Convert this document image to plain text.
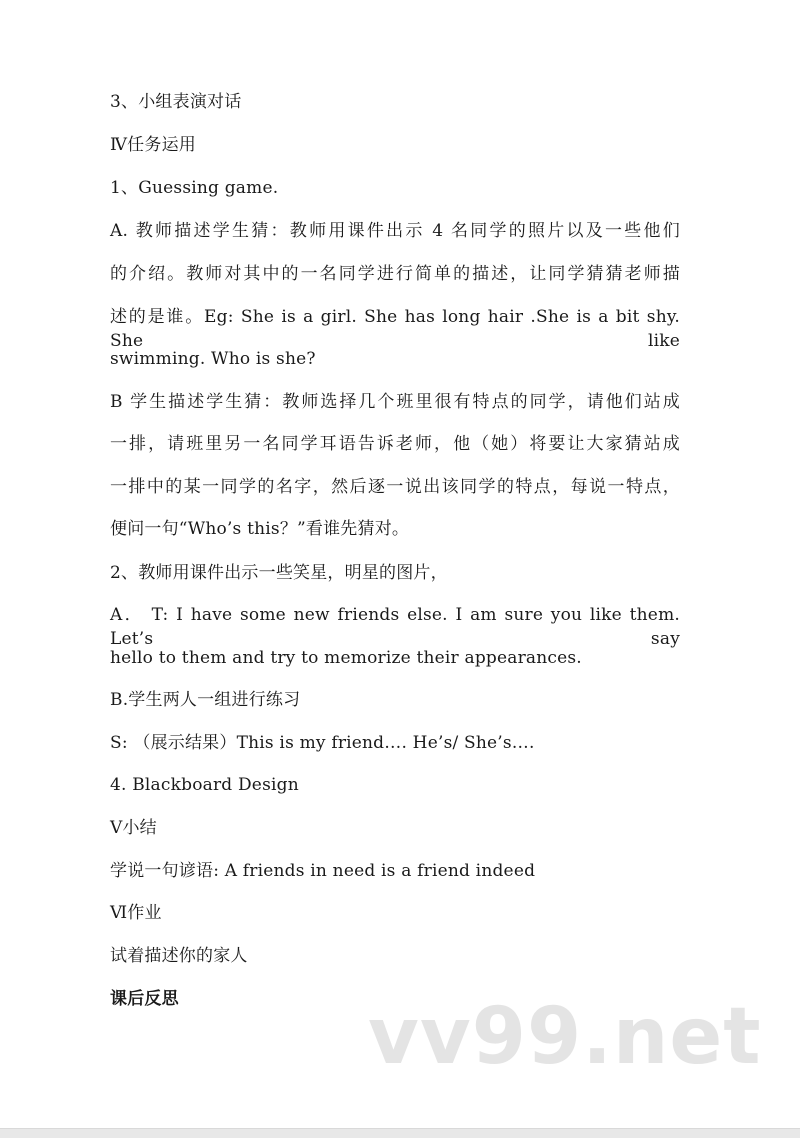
3、小组表演对话
Ⅳ任务运用
1、Guessing game.
A. 教师描述学生猜：教师用课件出示 4 名同学的照片以及一些他们
的介绍。教师对其中的一名同学进行简单的描述，让同学猜猜老师描
述的是谁。Eg: She is a girl. She has long hair .She is a bit shy. She like
swimming. Who is she?
B 学生描述学生猜：教师选择几个班里很有特点的同学，请他们站成
一排，请班里另一名同学耳语告诉老师，他（她）将要让大家猜站成
一排中的某一同学的名字，然后逐一说出该同学的特点，每说一特点，
便问一句“Who’s this？”看谁先猜对。
2、教师用课件出示一些笑星，明星的图片，
A． T: I have some new friends else. I am sure you like them. Let’s say
hello to them and try to memorize their appearances.
B.学生两人一组进行练习
S: （展示结果）This is my friend…. He’s/ She’s….
4. Blackboard Design
Ⅴ小结
学说一句谚语: A friends in need is a friend indeed
Ⅵ作业
试着描述你的家人
课后反思 vv99.net
